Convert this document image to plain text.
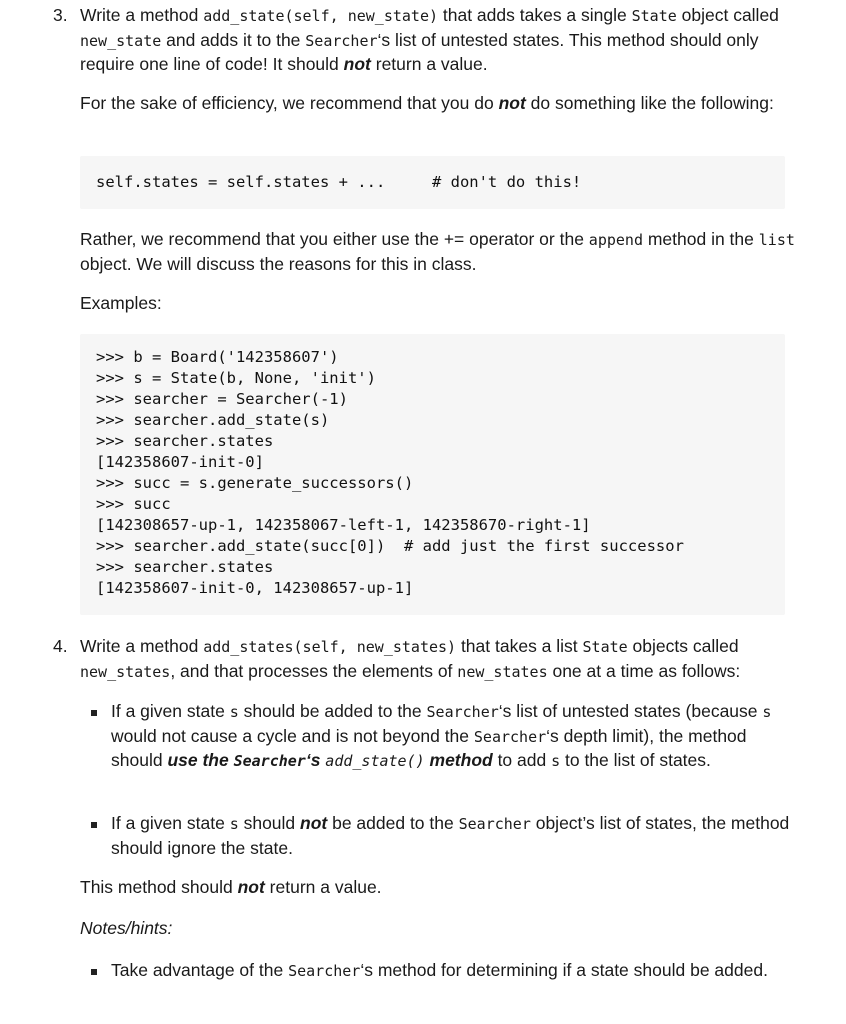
3. Write a method add_state(self, new_state) that adds takes a single State object called new_state and adds it to the Searcher‘s list of untested states. This method should only require one line of code! It should not return a value.
For the sake of efficiency, we recommend that you do not do something like the following:
self.states = self.states + ...     # don't do this!
Rather, we recommend that you either use the += operator or the append method in the list object. We will discuss the reasons for this in class.
Examples:
>>> b = Board('142358607')
>>> s = State(b, None, 'init')
>>> searcher = Searcher(-1)
>>> searcher.add_state(s)
>>> searcher.states
[142358607-init-0]
>>> succ = s.generate_successors()
>>> succ
[142308657-up-1, 142358067-left-1, 142358670-right-1]
>>> searcher.add_state(succ[0])  # add just the first successor
>>> searcher.states
[142358607-init-0, 142308657-up-1]
4. Write a method add_states(self, new_states) that takes a list State objects called new_states, and that processes the elements of new_states one at a time as follows:
If a given state s should be added to the Searcher‘s list of untested states (because s would not cause a cycle and is not beyond the Searcher‘s depth limit), the method should use the Searcher‘s add_state() method to add s to the list of states.
If a given state s should not be added to the Searcher object’s list of states, the method should ignore the state.
This method should not return a value.
Notes/hints:
Take advantage of the Searcher‘s method for determining if a state should be added.
